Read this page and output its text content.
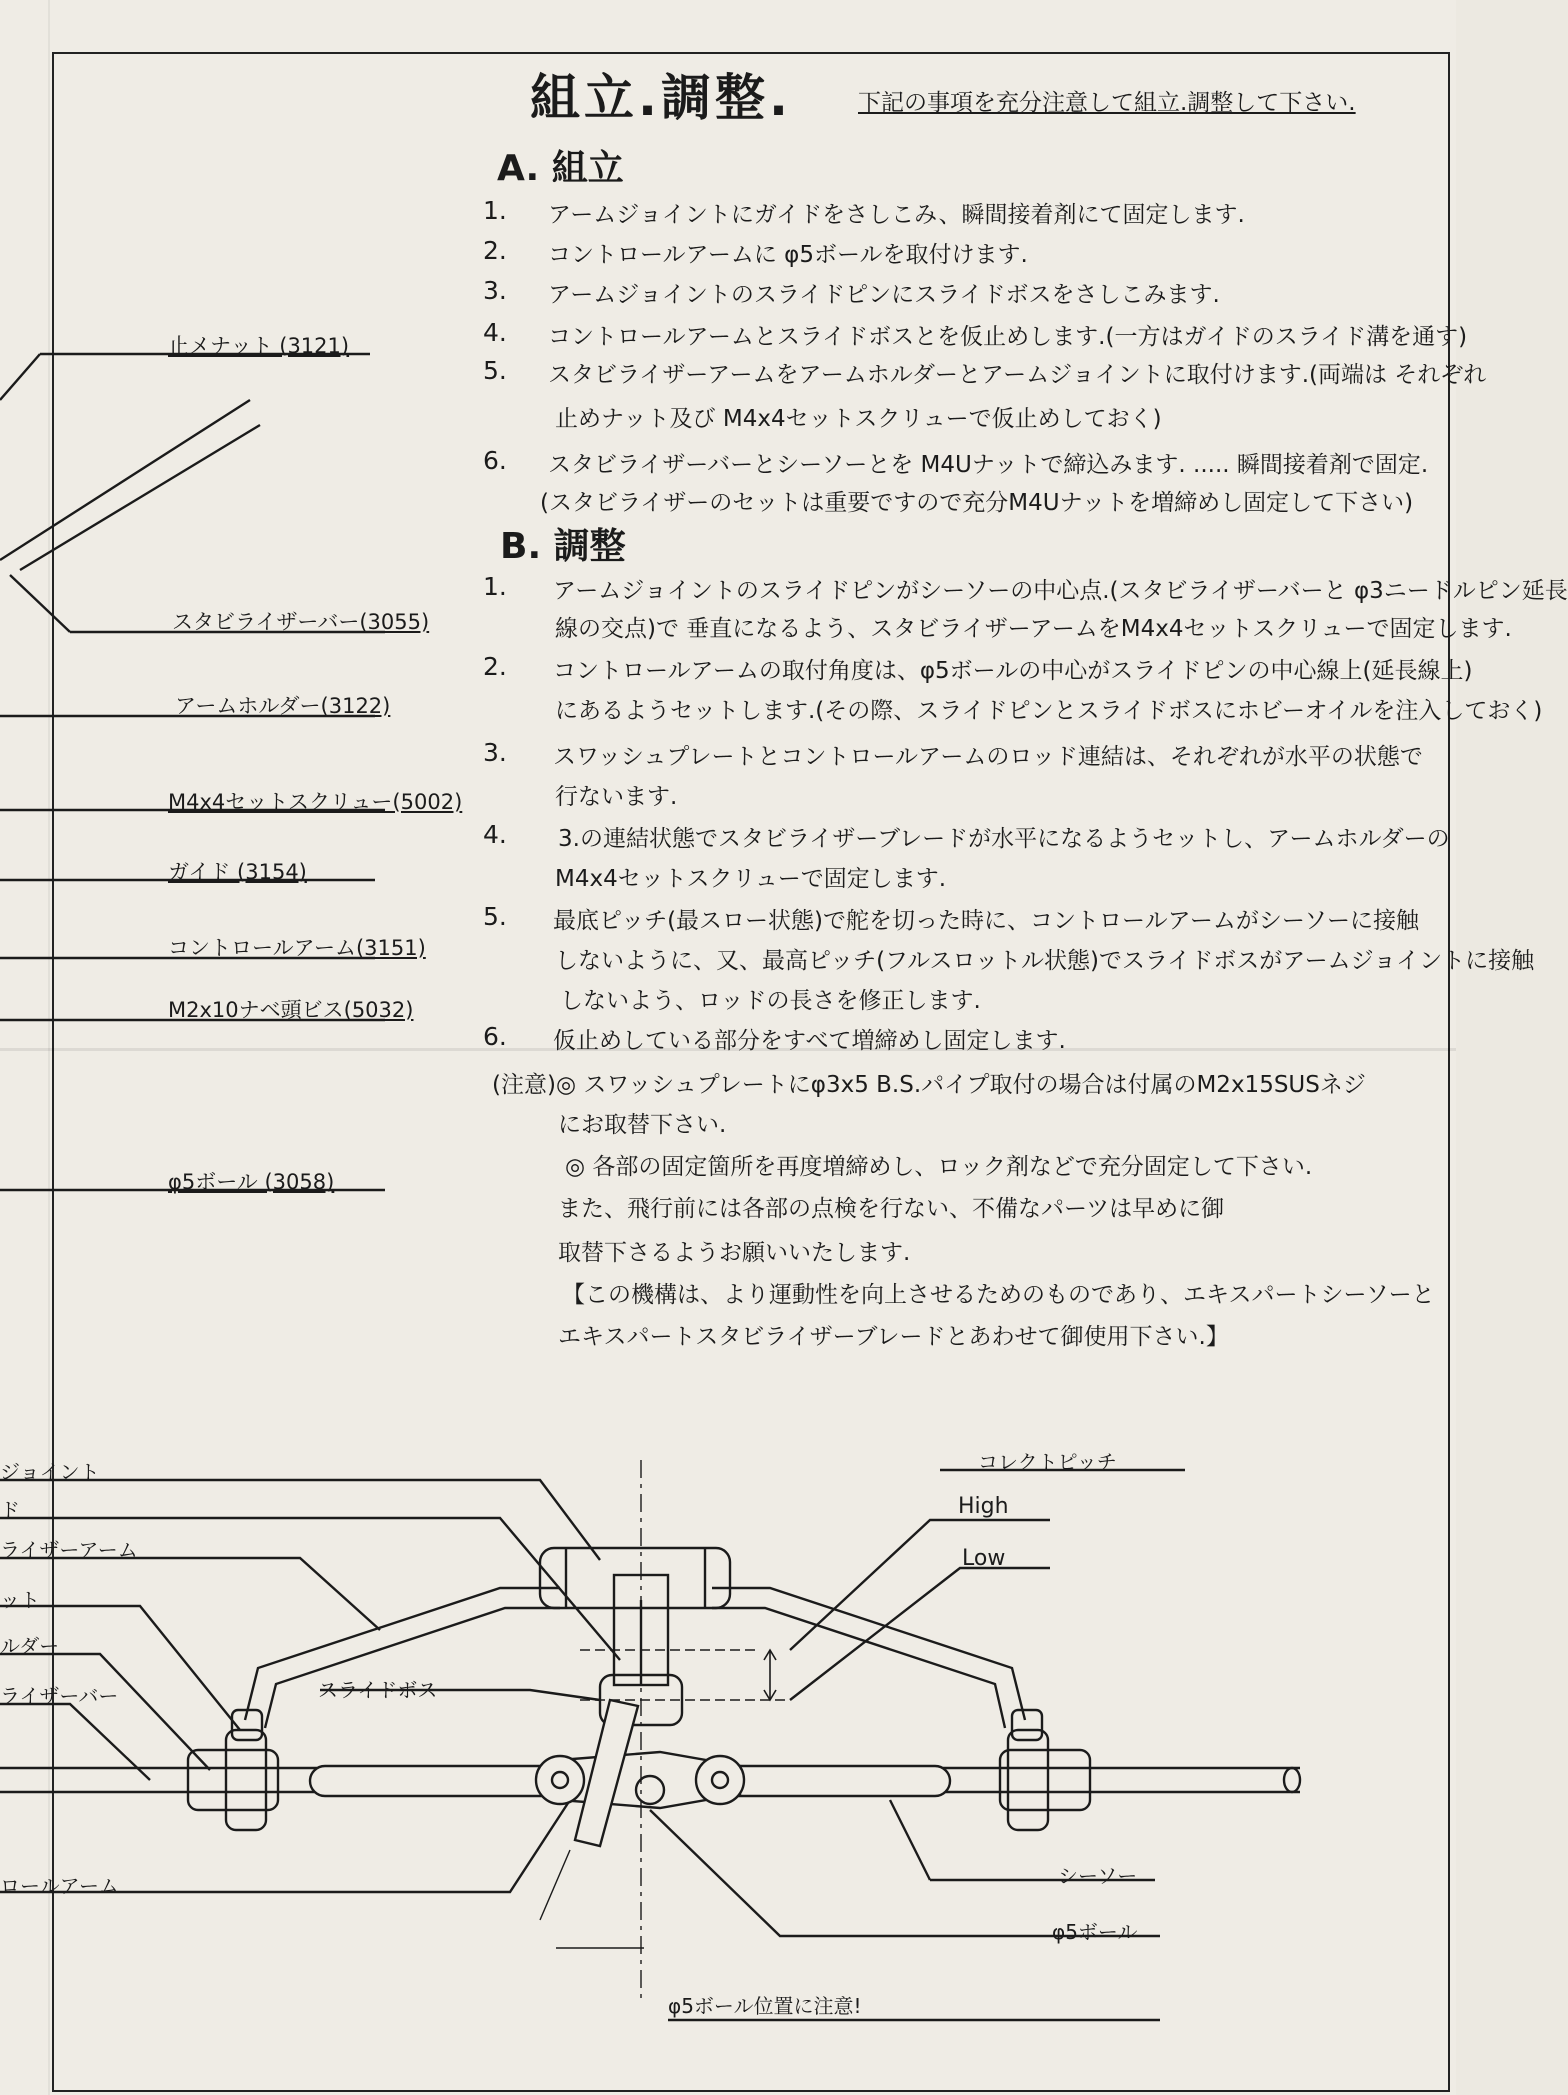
組立.調整.	下記の事項を充分注意して組立.調整して下さい.
A. 組立
1. アームジョイントにガイドをさしこみ、瞬間接着剤にて固定します.
2. コントロールアームに φ5ボールを取付けます.
3. アームジョイントのスライドピンにスライドボスをさしこみます.
4. コントロールアームとスライドボスとを仮止めします.(一方はガイドのスライド溝を通す)
5. スタビライザーアームをアームホルダーとアームジョイントに取付けます.(両端は それぞれ
止めナット及び M4x4セットスクリューで仮止めしておく)
6. スタビライザーバーとシーソーとを M4Uナットで締込みます. ..... 瞬間接着剤で固定.
(スタビライザーのセットは重要ですので充分M4Uナットを増締めし固定して下さい)
B. 調整
1. アームジョイントのスライドピンがシーソーの中心点.(スタビライザーバーと φ3ニードルピン延長
線の交点)で 垂直になるよう、スタビライザーアームをM4x4セットスクリューで固定します.
2. コントロールアームの取付角度は、φ5ボールの中心がスライドピンの中心線上(延長線上)
にあるようセットします.(その際、スライドピンとスライドボスにホビーオイルを注入しておく)
3. スワッシュプレートとコントロールアームのロッド連結は、それぞれが水平の状態で
行ないます.
4. 3.の連結状態でスタビライザーブレードが水平になるようセットし、アームホルダーの
M4x4セットスクリューで固定します.
5. 最底ピッチ(最スロー状態)で舵を切った時に、コントロールアームがシーソーに接触
しないように、又、最高ピッチ(フルスロットル状態)でスライドボスがアームジョイントに接触
しないよう、ロッドの長さを修正します.
6. 仮止めしている部分をすべて増締めし固定します.
(注意)◎ スワッシュプレートにφ3x5 B.S.パイプ取付の場合は付属のM2x15SUSネジ
にお取替下さい.
◎ 各部の固定箇所を再度増締めし、ロック剤などで充分固定して下さい.
また、飛行前には各部の点検を行ない、不備なパーツは早めに御
取替下さるようお願いいたします.
【この機構は、より運動性を向上させるためのものであり、エキスパートシーソーと
エキスパートスタビライザーブレードとあわせて御使用下さい.】
止メナット (3121)
スタビライザーバー(3055)
アームホルダー(3122)
M4x4セットスクリュー(5002)
ガイド (3154)
コントロールアーム(3151)
M2x10ナベ頭ビス(5032)
φ5ボール (3058)
ジョイント
ド
ライザーアーム
ット
ルダー
ライザーバー
ロールアーム
コレクトピッチ
High
Low
スライドボス
シーソー
φ5ボール
φ5ボール位置に注意!
